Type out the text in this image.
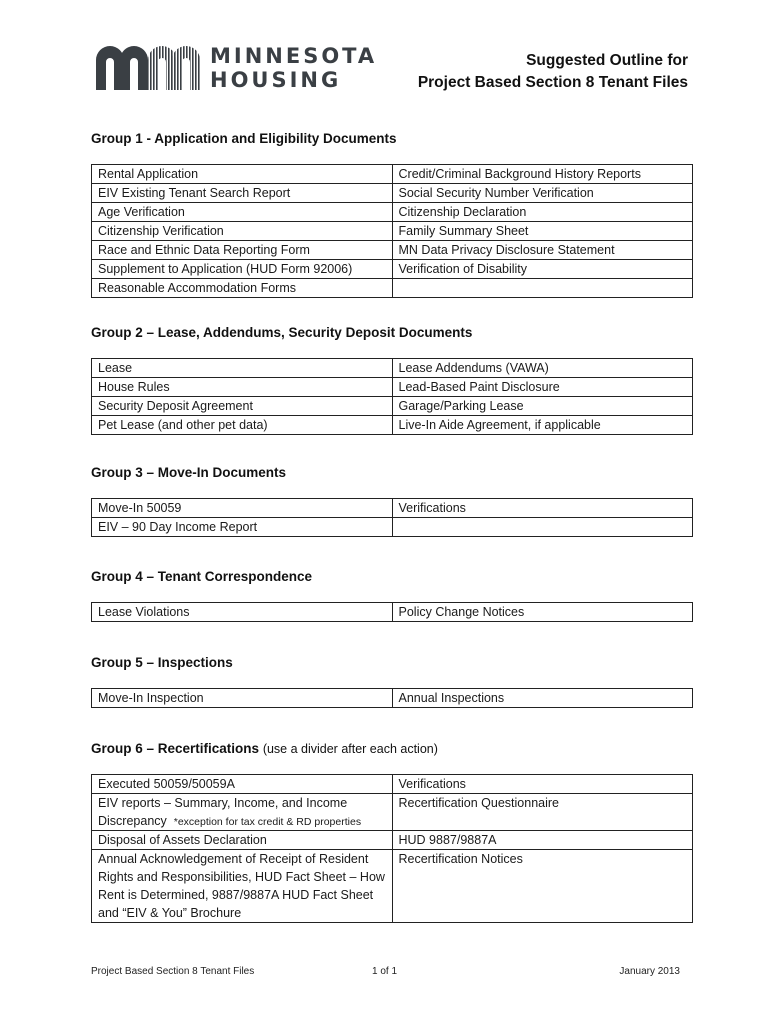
MINNESOTA
HOUSING
Suggested Outline for
Project Based Section 8 Tenant Files
Group 1 - Application and Eligibility Documents
Rental Application	Credit/Criminal Background History Reports

EIV Existing Tenant Search Report	Social Security Number Verification

Age Verification	Citizenship Declaration

Citizenship Verification	Family Summary Sheet

Race and Ethnic Data Reporting Form	MN Data Privacy Disclosure Statement

Supplement to Application (HUD Form 92006)	Verification of Disability

Reasonable Accommodation Forms	

Group 2 – Lease, Addendums, Security Deposit Documents
Lease	Lease Addendums (VAWA)

House Rules	Lead-Based Paint Disclosure

Security Deposit Agreement	Garage/Parking Lease

Pet Lease (and other pet data)	Live-In Aide Agreement, if applicable
Group 3 – Move-In Documents
Move-In 50059	Verifications

EIV – 90 Day Income Report	

Group 4 – Tenant Correspondence
Lease Violations	Policy Change Notices
Group 5 – Inspections
Move-In Inspection	Annual Inspections
Group 6 – Recertifications (use a divider after each action)
Executed 50059/50059A	Verifications

EIV reports – Summary, Income, and Income
Discrepancy *exception for tax credit & RD properties	Recertification Questionnaire

Disposal of Assets Declaration	HUD 9887/9887A

Annual Acknowledgement of Receipt of Resident
Rights and Responsibilities, HUD Fact Sheet – How
Rent is Determined, 9887/9887A HUD Fact Sheet
and “EIV & You” Brochure	Recertification Notices
Project Based Section 8 Tenant Files	1 of 1	January 2013
